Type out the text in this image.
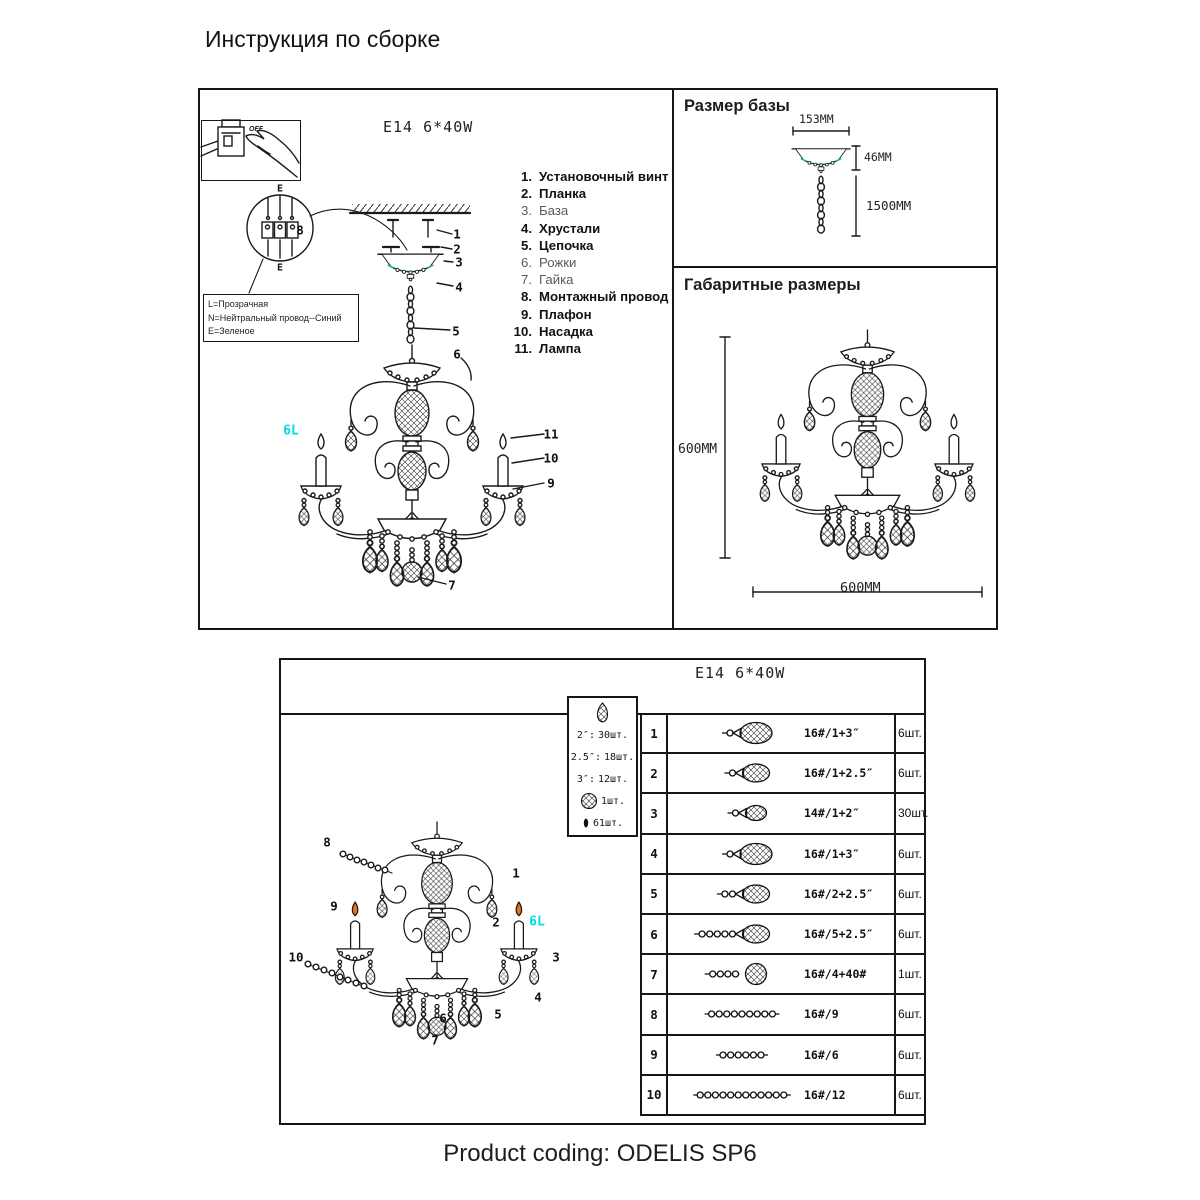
Инструкция по сборке
E14 6*40W
OFF
E
E
8
L=Прозрачная
N=Нейтральный провод--Синий
E=Зеленое
1. Установочный винт
2. Планка
3. База
4. Хрустали
5. Цепочка
6. Рожки
7. Гайка
8. Монтажный провод
9. Плафон
10. Насадка
11. Лампа
1
2
3
4
5
6
11
10
9
7
6L
Размер базы
153MM
46MM
1500MM
Габаритные размеры
600MM
600MM
E14 6*40W
2″: 30шт.
2.5″: 18шт.
3″: 12шт.
1шт.
61шт.
1	16#/1+3″	6шт.
2	16#/1+2.5″	6шт.
3	14#/1+2″	30шт.
4	16#/1+3″	6шт.
5	16#/2+2.5″	6шт.
6	16#/5+2.5″	6шт.
7	16#/4+40#	1шт.
8	16#/9	6шт.
9	16#/6	6шт.
10	16#/12	6шт.
8
9
10
1
2 6L
3
4
5
6
7
Product coding: ODELIS SP6
